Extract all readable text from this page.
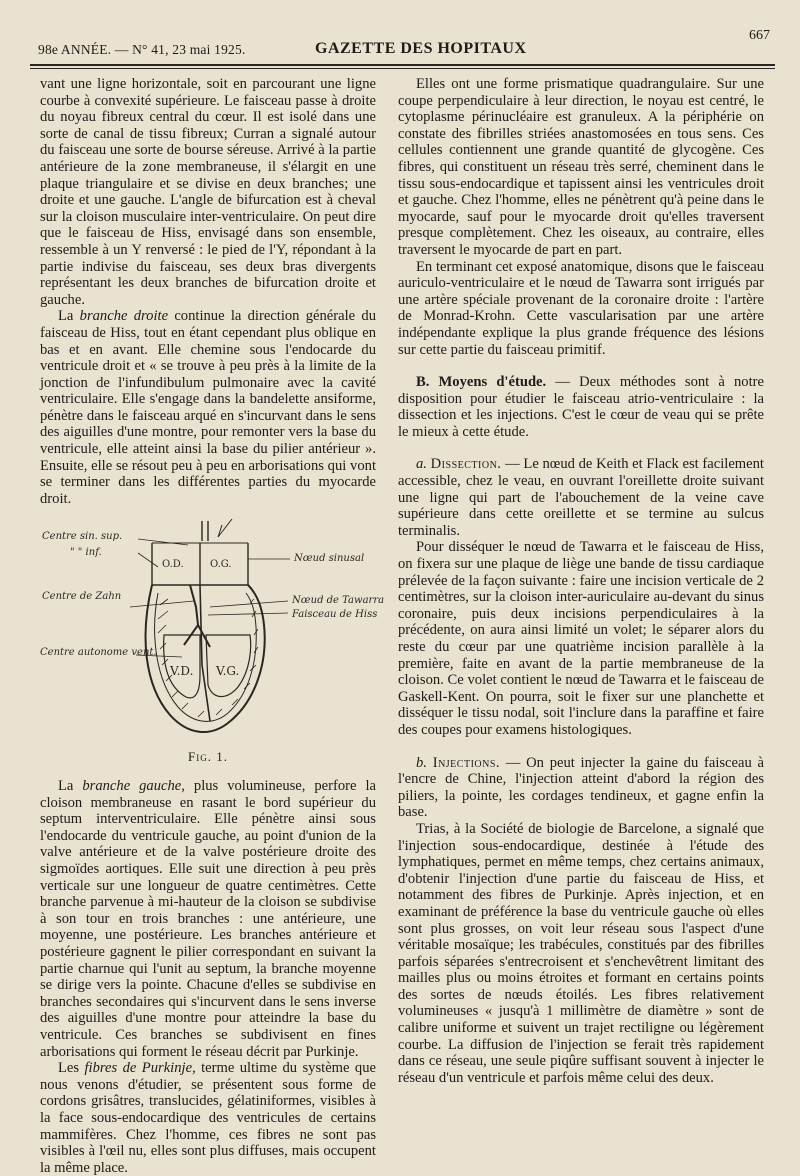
98e ANNÉE. — N° 41, 23 mai 1925.	GAZETTE DES HOPITAUX
667

vant une ligne horizontale, soit en parcourant une ligne courbe à convexité supérieure. Le faisceau passe à droite du noyau fibreux central du cœur. Il est isolé dans une sorte de canal de tissu fibreux; Curran a signalé autour du faisceau une sorte de bourse séreuse. Arrivé à la partie antérieure de la zone membraneuse, il s'élargit en une plaque triangulaire et se divise en deux branches; une droite et une gauche. L'angle de bifurcation est à cheval sur la cloison musculaire inter-ventriculaire. On peut dire que le faisceau de Hiss, envisagé dans son ensemble, ressemble à un Y renversé : le pied de l'Y, répondant à la partie indivise du faisceau, ses deux bras divergents représentant les deux branches de bifurcation droite et gauche.

La branche droite continue la direction générale du faisceau de Hiss, tout en étant cependant plus oblique en bas et en avant. Elle chemine sous l'endocarde du ventricule droit et « se trouve à peu près à la limite de la jonction de l'infundibulum pulmonaire avec la cavité ventriculaire. Elle s'engage dans la bandelette ansiforme, pénètre dans le faisceau arqué en s'incurvant dans le sens des aiguilles d'une montre, pour remonter vers la base du ventricule, elle atteint ainsi la base du pilier antérieur ». Ensuite, elle se résout peu à peu en arborisations qui vont se terminer dans les différentes parties du myocarde droit.

Centre sin. sup.
" " inf.
Centre de Zahn
Centre autonome vent.
Nœud sinusal
Nœud de Tawarra
Faisceau de Hiss
O.D.	O.G.
V.D. V.G.
Fig. 1.

La branche gauche, plus volumineuse, perfore la cloison membraneuse en rasant le bord supérieur du septum interventriculaire. Elle pénètre ainsi sous l'endocarde du ventricule gauche, au point d'union de la valve antérieure et de la valve postérieure droite des sigmoïdes aortiques. Elle suit une direction à peu près verticale sur une longueur de quatre centimètres. Cette branche parvenue à mi-hauteur de la cloison se subdivise à son tour en trois branches : une antérieure, une moyenne, une postérieure. Les branches antérieure et postérieure gagnent le pilier correspondant en suivant la partie charnue qui l'unit au septum, la branche moyenne se dirige vers la pointe. Chacune d'elles se subdivise en branches secondaires qui s'incurvent dans le sens inverse des aiguilles d'une montre pour atteindre la base du ventricule. Ces branches se subdivisent en fines arborisations qui forment le réseau décrit par Purkinje.

Les fibres de Purkinje, terme ultime du système que nous venons d'étudier, se présentent sous forme de cordons grisâtres, translucides, gélatiniformes, visibles à la face sous-endocardique des ventricules de certains mammifères. Chez l'homme, ces fibres ne sont pas visibles à l'œil nu, elles sont plus diffuses, mais occupent la même place.

Elles ont une forme prismatique quadrangulaire. Sur une coupe perpendiculaire à leur direction, le noyau est centré, le cytoplasme périnucléaire est granuleux. A la périphérie on constate des fibrilles striées anastomosées en tous sens. Ces cellules contiennent une grande quantité de glycogène. Ces fibres, qui constituent un réseau très serré, cheminent dans le tissu sous-endocardique et tapissent ainsi les ventricules droit et gauche. Chez l'homme, elles ne pénètrent qu'à peine dans le myocarde, sauf pour le myocarde droit qu'elles traversent presque complètement. Chez les oiseaux, au contraire, elles traversent le myocarde de part en part.

En terminant cet exposé anatomique, disons que le faisceau auriculo-ventriculaire et le nœud de Tawarra sont irrigués par une artère spéciale provenant de la coronaire droite : l'artère de Monrad-Krohn. Cette vascularisation par une artère indépendante explique la plus grande fréquence des lésions sur cette partie du faisceau primitif.

B. Moyens d'étude. — Deux méthodes sont à notre disposition pour étudier le faisceau atrio-ventriculaire : la dissection et les injections. C'est le cœur de veau qui se prête le mieux à cette étude.

a. Dissection. — Le nœud de Keith et Flack est facilement accessible, chez le veau, en ouvrant l'oreillette droite suivant une ligne qui part de l'abouchement de la veine cave supérieure dans cette oreillette et se termine au sulcus terminalis.

Pour disséquer le nœud de Tawarra et le faisceau de Hiss, on fixera sur une plaque de liège une bande de tissu cardiaque prélevée de la façon suivante : faire une incision verticale de 2 centimètres, sur la cloison inter-auriculaire au-devant du sinus coronaire, puis deux incisions perpendiculaires à la précédente, on aura ainsi limité un volet; le séparer alors du reste du cœur par une quatrième incision parallèle à la première, faite en avant de la partie membraneuse de la cloison. Ce volet contient le nœud de Tawarra et le faisceau de Gaskell-Kent. On pourra, soit le fixer sur une planchette et disséquer le tissu nodal, soit l'inclure dans la paraffine et faire des coupes pour examens histologiques.

b. Injections. — On peut injecter la gaine du faisceau à l'encre de Chine, l'injection atteint d'abord la région des piliers, la pointe, les cordages tendineux, et gagne enfin la base.

Trias, à la Société de biologie de Barcelone, a signalé que l'injection sous-endocardique, destinée à l'étude des lymphatiques, permet en même temps, chez certains animaux, d'obtenir l'injection d'une partie du faisceau de Hiss, et notamment des fibres de Purkinje. Après injection, et en examinant de préférence la base du ventricule gauche où elles sont plus grosses, on voit leur réseau sous l'aspect d'une véritable mosaïque; les trabécules, constitués par des fibrilles parfois séparées s'entrecroisent et s'enchevêtrent limitant des mailles plus ou moins étroites et formant en certains points des sortes de nœuds étoilés. Les fibres relativement volumineuses « jusqu'à 1 millimètre de diamètre » sont de calibre uniforme et suivent un trajet rectiligne ou légèrement courbe. La diffusion de l'injection se ferait très rapidement dans ce réseau, une seule piqûre suffisant souvent à injecter le réseau d'un ventricule et parfois même celui des deux.
